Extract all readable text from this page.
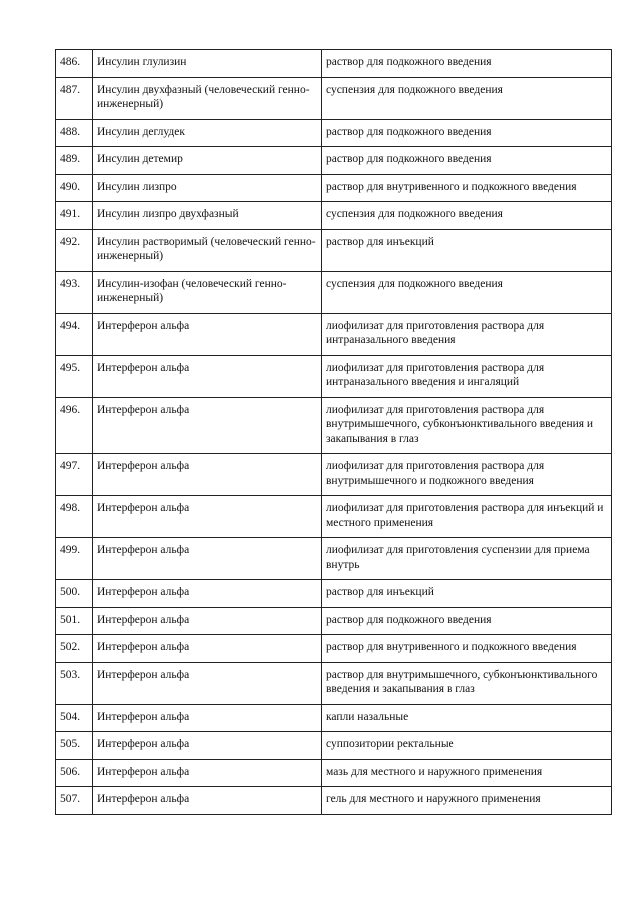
486.	Инсулин глулизин	раствор для подкожного введения
487.	Инсулин двухфазный (человеческий генно-инженерный)	суспензия для подкожного введения
488.	Инсулин деглудек	раствор для подкожного введения
489.	Инсулин детемир	раствор для подкожного введения
490.	Инсулин лизпро	раствор для внутривенного и подкожного введения
491.	Инсулин лизпро двухфазный	суспензия для подкожного введения
492.	Инсулин растворимый (человеческий генно-инженерный)	раствор для инъекций
493.	Инсулин-изофан (человеческий генно-инженерный)	суспензия для подкожного введения
494.	Интерферон альфа	лиофилизат для приготовления раствора для интраназального введения
495.	Интерферон альфа	лиофилизат для приготовления раствора для интраназального введения и ингаляций
496.	Интерферон альфа	лиофилизат для приготовления раствора для внутримышечного, субконъюнктивального введения и закапывания в глаз
497.	Интерферон альфа	лиофилизат для приготовления раствора для внутримышечного и подкожного введения
498.	Интерферон альфа	лиофилизат для приготовления раствора для инъекций и местного применения
499.	Интерферон альфа	лиофилизат для приготовления суспензии для приема внутрь
500.	Интерферон альфа	раствор для инъекций
501.	Интерферон альфа	раствор для подкожного введения
502.	Интерферон альфа	раствор для внутривенного и подкожного введения
503.	Интерферон альфа	раствор для внутримышечного, субконъюнктивального введения и закапывания в глаз
504.	Интерферон альфа	капли назальные
505.	Интерферон альфа	суппозитории ректальные
506.	Интерферон альфа	мазь для местного и наружного применения
507.	Интерферон альфа	гель для местного и наружного применения
